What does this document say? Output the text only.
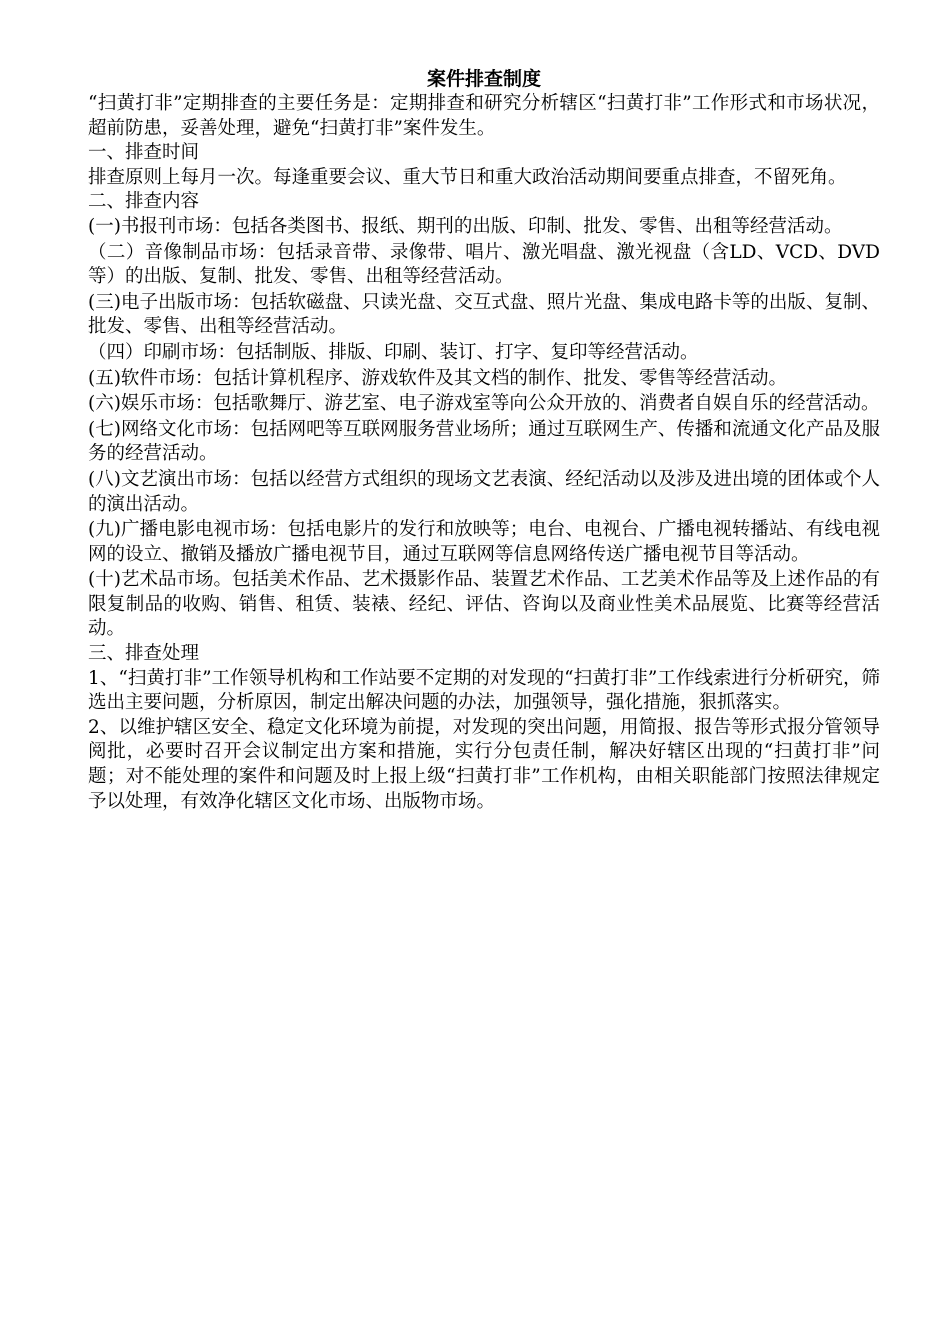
案件排查制度

“扫黄打非”定期排查的主要任务是：定期排查和研究分析辖区“扫黄打非”工作形式和市场状况，超前防患，妥善处理，避免“扫黄打非”案件发生。

一、排查时间

排查原则上每月一次。每逢重要会议、重大节日和重大政治活动期间要重点排查，不留死角。

二、排查内容

(一)书报刊市场：包括各类图书、报纸、期刊的出版、印制、批发、零售、出租等经营活动。

（二）音像制品市场：包括录音带、录像带、唱片、激光唱盘、激光视盘（含LD、VCD、DVD等）的出版、复制、批发、零售、出租等经营活动。

(三)电子出版市场：包括软磁盘、只读光盘、交互式盘、照片光盘、集成电路卡等的出版、复制、批发、零售、出租等经营活动。

（四）印刷市场：包括制版、排版、印刷、装订、打字、复印等经营活动。

(五)软件市场：包括计算机程序、游戏软件及其文档的制作、批发、零售等经营活动。

(六)娱乐市场：包括歌舞厅、游艺室、电子游戏室等向公众开放的、消费者自娱自乐的经营活动。

(七)网络文化市场：包括网吧等互联网服务营业场所；通过互联网生产、传播和流通文化产品及服务的经营活动。

(八)文艺演出市场：包括以经营方式组织的现场文艺表演、经纪活动以及涉及进出境的团体或个人的演出活动。

(九)广播电影电视市场：包括电影片的发行和放映等；电台、电视台、广播电视转播站、有线电视网的设立、撤销及播放广播电视节目，通过互联网等信息网络传送广播电视节目等活动。

(十)艺术品市场。包括美术作品、艺术摄影作品、装置艺术作品、工艺美术作品等及上述作品的有限复制品的收购、销售、租赁、装裱、经纪、评估、咨询以及商业性美术品展览、比赛等经营活动。

三、排查处理

1、“扫黄打非”工作领导机构和工作站要不定期的对发现的“扫黄打非”工作线索进行分析研究，筛选出主要问题，分析原因，制定出解决问题的办法，加强领导，强化措施，狠抓落实。

2、以维护辖区安全、稳定文化环境为前提，对发现的突出问题，用简报、报告等形式报分管领导阅批，必要时召开会议制定出方案和措施，实行分包责任制，解决好辖区出现的“扫黄打非”问题；对不能处理的案件和问题及时上报上级“扫黄打非”工作机构，由相关职能部门按照法律规定予以处理，有效净化辖区文化市场、出版物市场。
